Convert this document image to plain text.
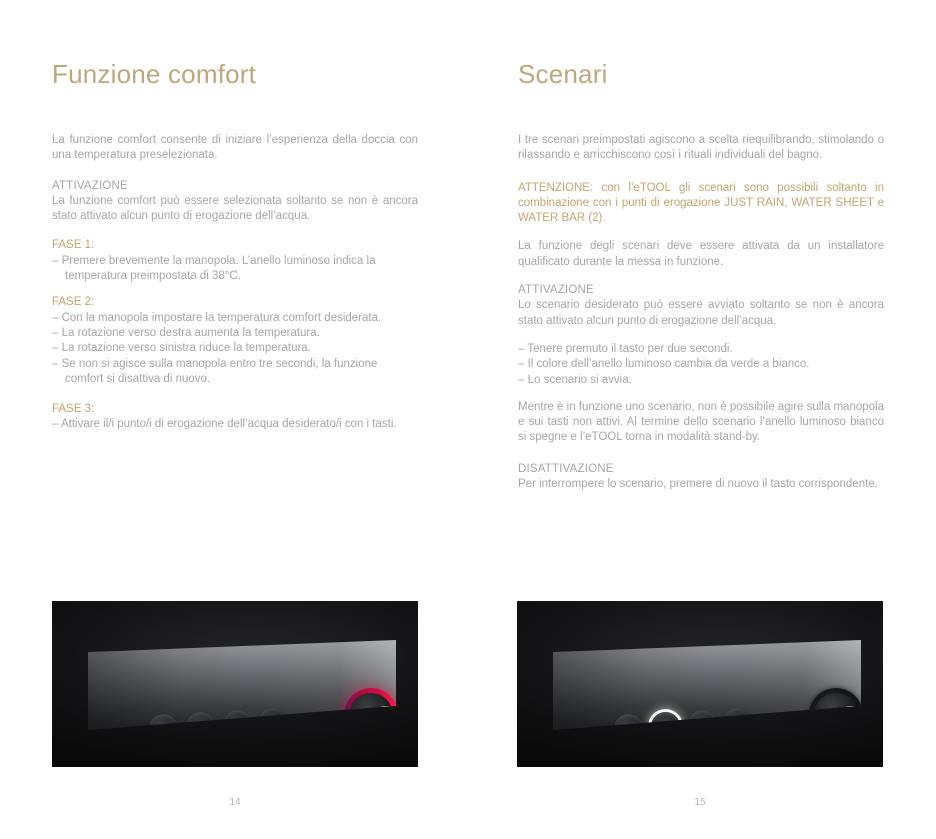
Funzione comfort

La funzione comfort consente di iniziare l’esperienza della doccia con una temperatura preselezionata.

ATTIVAZIONE

La funzione comfort può essere selezionata soltanto se non è ancora stato attivato alcun punto di erogazione dell’acqua.

FASE 1:

– Premere brevemente la manopola. L’anello luminoso indica la temperatura preimpostata di 38°C.

FASE 2:

– Con la manopola impostare la temperatura comfort desiderata.

– La rotazione verso destra aumenta la temperatura.

– La rotazione verso sinistra riduce la temperatura.

– Se non si agisce sulla manopola entro tre secondi, la funzione comfort si disattiva di nuovo.

FASE 3:

– Attivare il/i punto/i di erogazione dell’acqua desiderato/i con i tasti.

Scenari

I tre scenari preimpostati agiscono a scelta riequilibrando, stimolando o rilassando e arricchiscono così i rituali individuali del bagno.

ATTENZIONE: con l’eTOOL gli scenari sono possibili soltanto in combinazione con i punti di erogazione JUST RAIN, WATER SHEET e WATER BAR (2).

La funzione degli scenari deve essere attivata da un installatore qualificato durante la messa in funzione.

ATTIVAZIONE

Lo scenario desiderato può essere avviato soltanto se non è ancora stato attivato alcun punto di erogazione dell’acqua.

– Tenere premuto il tasto per due secondi.

– Il colore dell’anello luminoso cambia da verde a bianco.

– Lo scenario si avvia.

Mentre è in funzione uno scenario, non è possibile agire sulla manopola e sui tasti non attivi. Al termine dello scenario l’anello luminoso bianco si spegne e l’eTOOL torna in modalità stand-by.

DISATTIVAZIONE

Per interrompere lo scenario, premere di nuovo il tasto corrispondente.

14	15
